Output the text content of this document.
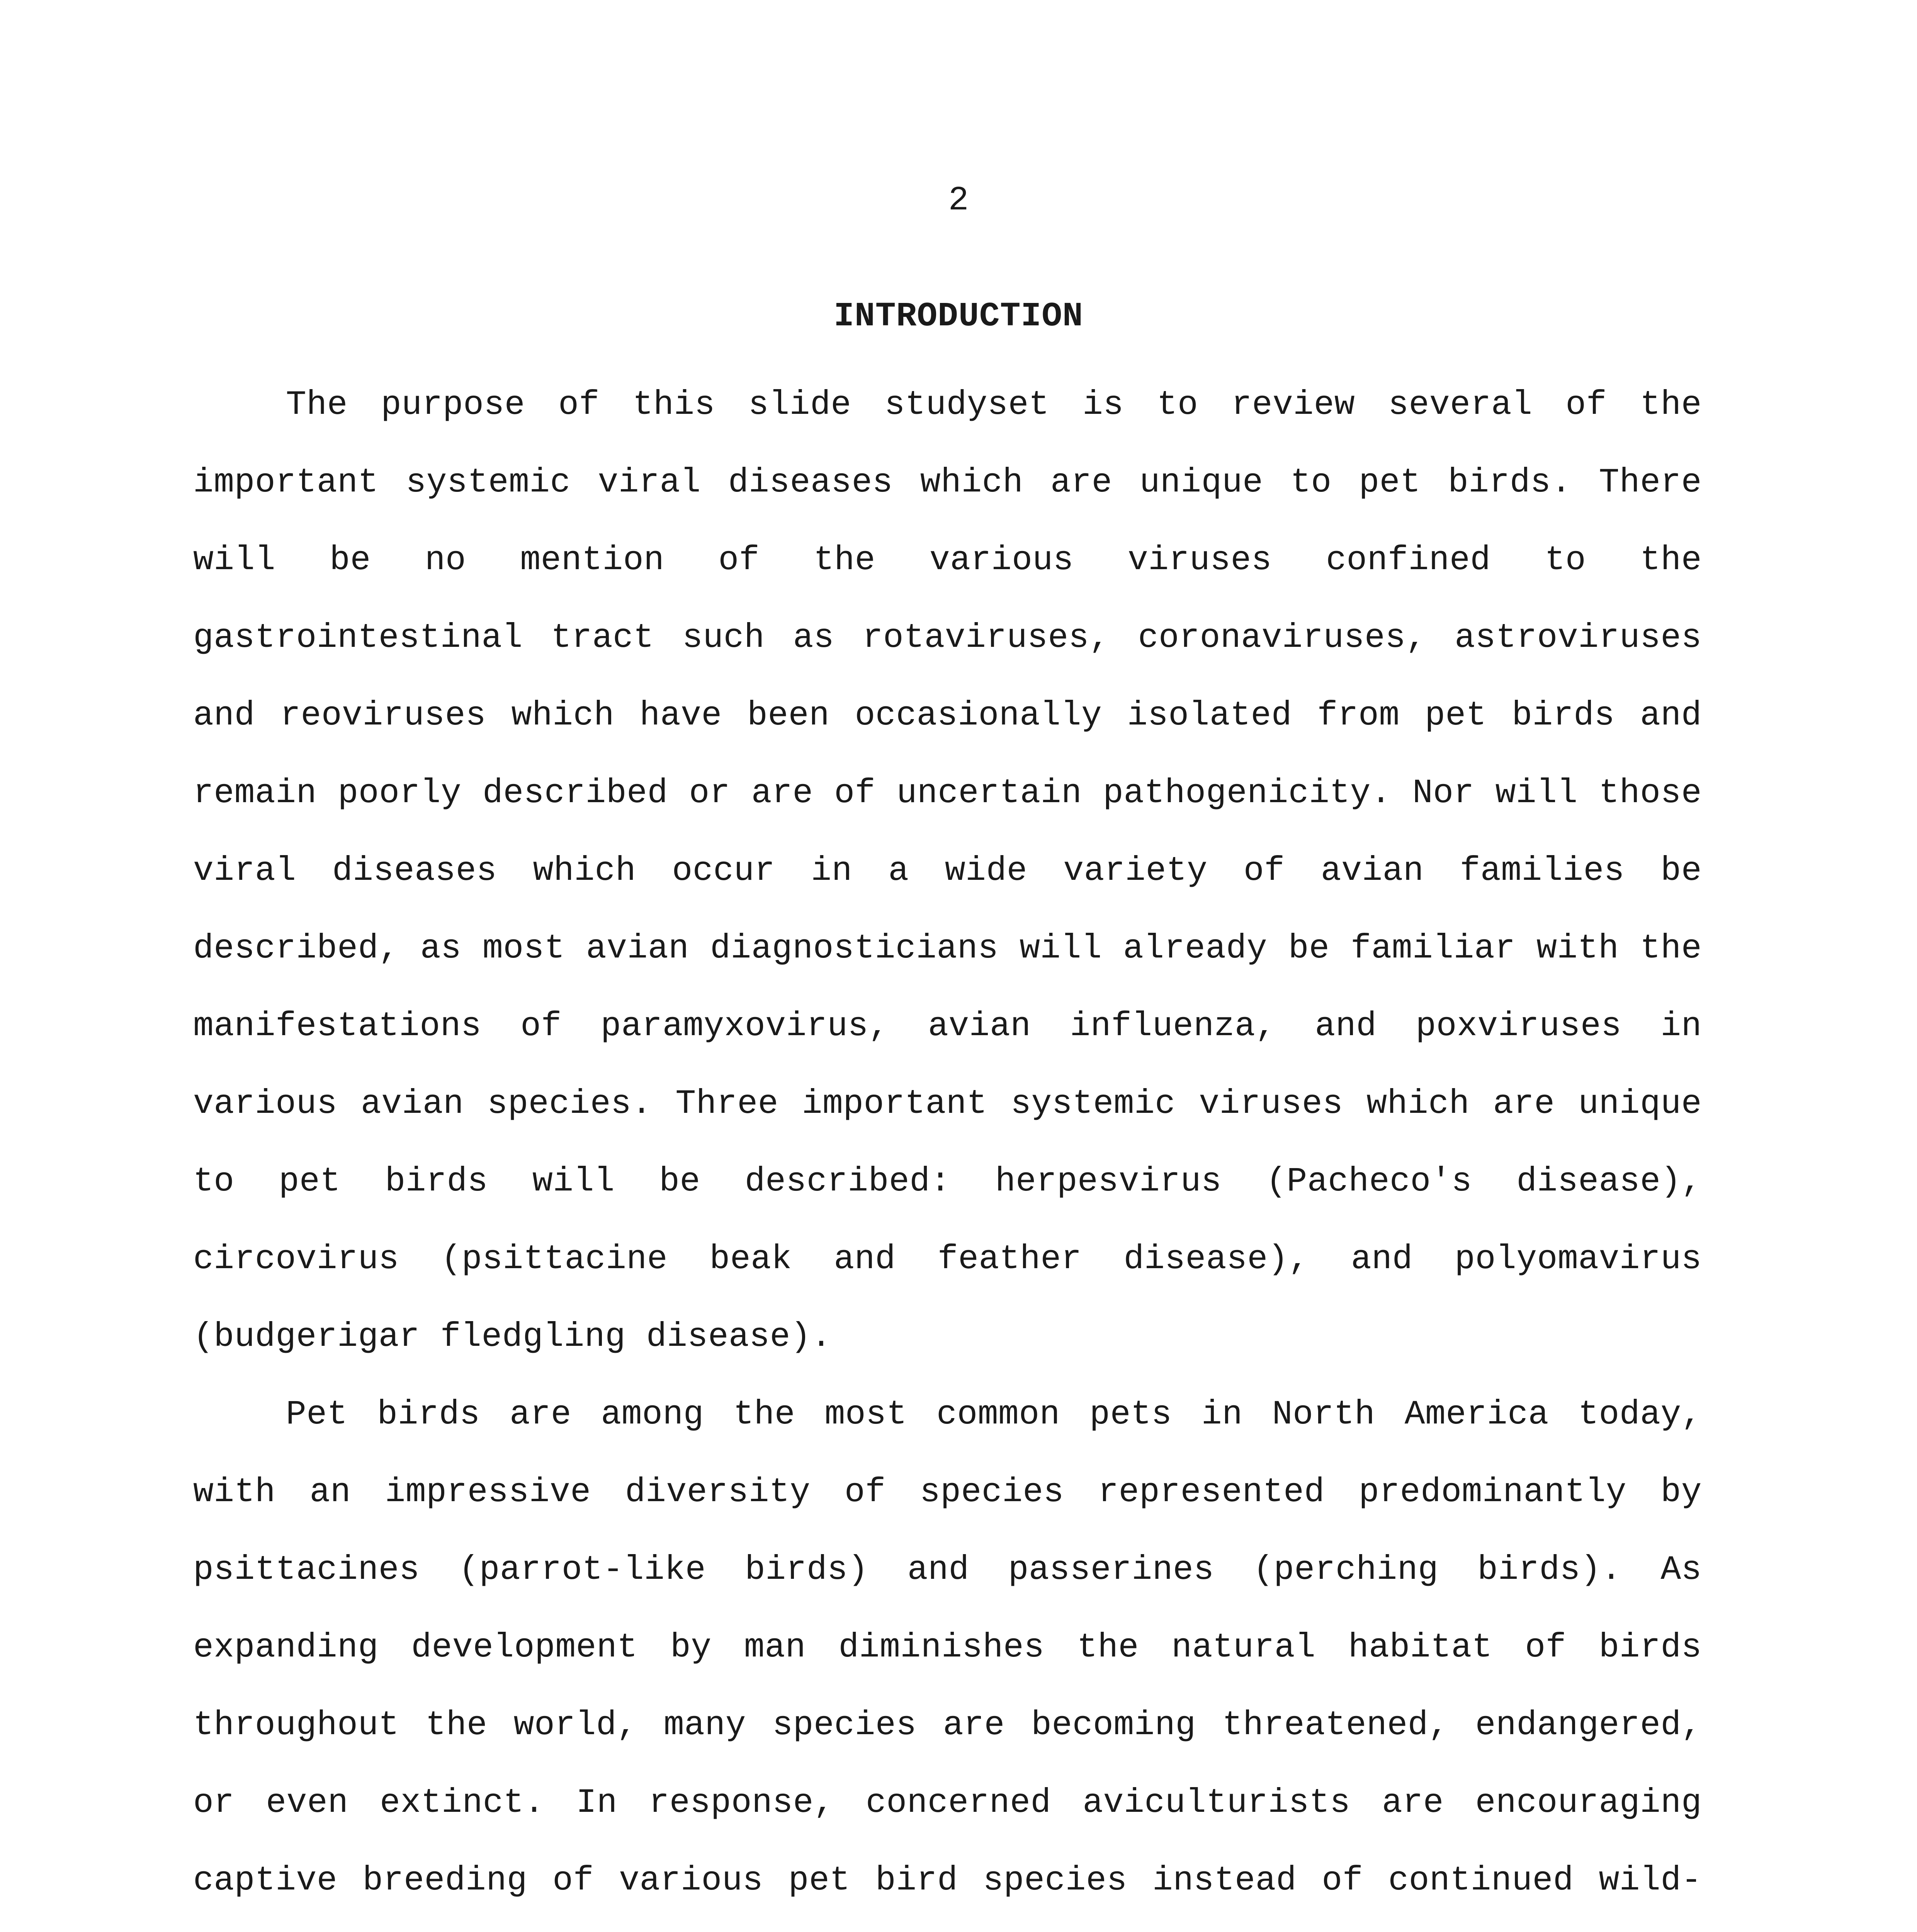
2
INTRODUCTION

The purpose of this slide studyset is to review several of the important systemic viral diseases which are unique to pet birds. There will be no mention of the various viruses confined to the gastrointestinal tract such as rotaviruses, coronaviruses, astroviruses and reoviruses which have been occasionally isolated from pet birds and remain poorly described or are of uncertain pathogenicity. Nor will those viral diseases which occur in a wide variety of avian families be described, as most avian diagnosticians will already be familiar with the manifestations of paramyxovirus, avian influenza, and poxviruses in various avian species. Three important systemic viruses which are unique to pet birds will be described: herpesvirus (Pacheco's disease), circovirus (psittacine beak and feather disease), and polyomavirus (budgerigar fledgling disease).

Pet birds are among the most common pets in North America today, with an impressive diversity of species represented predominantly by psittacines (parrot-like birds) and passerines (perching birds). As expanding development by man diminishes the natural habitat of birds throughout the world, many species are becoming threatened, endangered, or even extinct. In response, concerned aviculturists are encouraging captive breeding of various pet bird species instead of continued wild-
